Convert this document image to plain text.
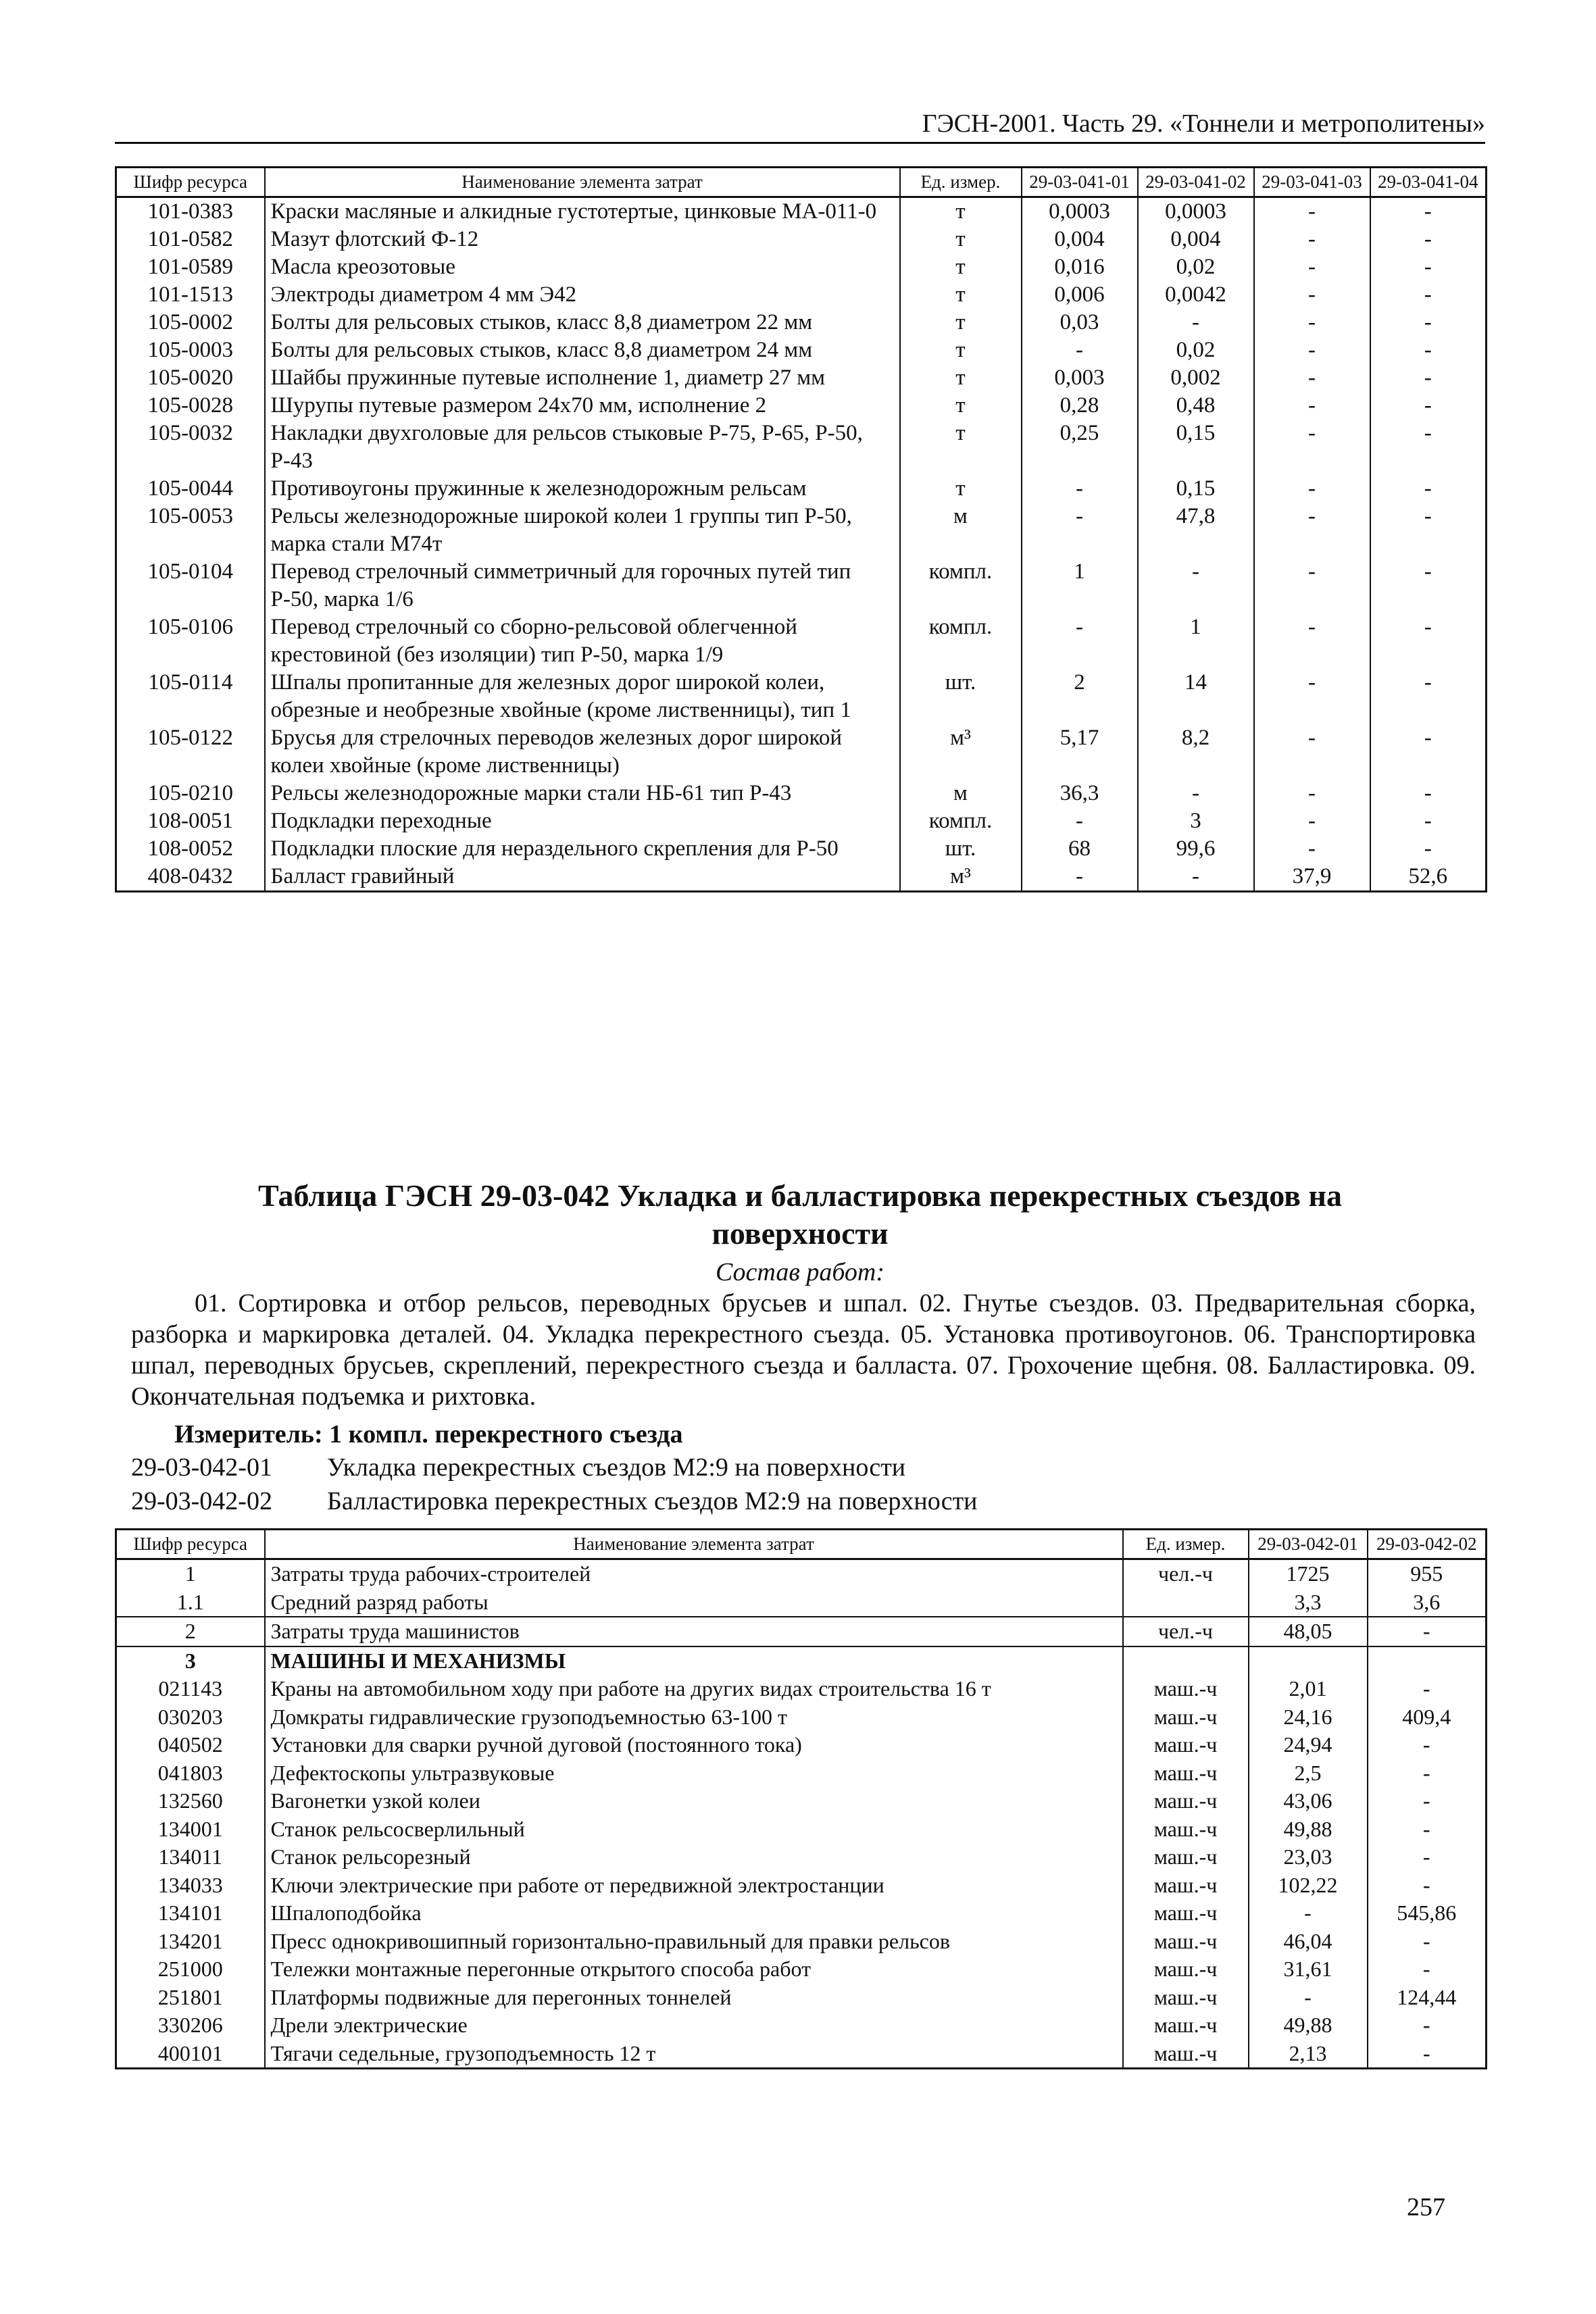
ГЭСН-2001. Часть 29. «Тоннели и метрополитены»
Шифр ресурса	Наименование элемента затрат	Ед. измер.	29-03-041-01	29-03-041-02	29-03-041-03	29-03-041-04
101-0383	Краски масляные и алкидные густотертые, цинковые МА-011-0	т	0,0003	0,0003	-	-
101-0582	Мазут флотский Ф-12	т	0,004	0,004	-	-
101-0589	Масла креозотовые	т	0,016	0,02	-	-
101-1513	Электроды диаметром 4 мм Э42	т	0,006	0,0042	-	-
105-0002	Болты для рельсовых стыков, класс 8,8 диаметром 22 мм	т	0,03	-	-	-
105-0003	Болты для рельсовых стыков, класс 8,8 диаметром 24 мм	т	-	0,02	-	-
105-0020	Шайбы пружинные путевые исполнение 1, диаметр 27 мм	т	0,003	0,002	-	-
105-0028	Шурупы путевые размером 24х70 мм, исполнение 2	т	0,28	0,48	-	-
105-0032	Накладки двухголовые для рельсов стыковые Р-75, Р-65, Р-50, Р-43	т	0,25	0,15	-	-
105-0044	Противоугоны пружинные к железнодорожным рельсам	т	-	0,15	-	-
105-0053	Рельсы железнодорожные широкой колеи 1 группы тип Р-50, марка стали М74т	м	-	47,8	-	-
105-0104	Перевод стрелочный симметричный для горочных путей тип Р-50, марка 1/6	компл.	1	-	-	-
105-0106	Перевод стрелочный со сборно-рельсовой облегченной крестовиной (без изоляции) тип Р-50, марка 1/9	компл.	-	1	-	-
105-0114	Шпалы пропитанные для железных дорог широкой колеи, обрезные и необрезные хвойные (кроме лиственницы), тип 1	шт.	2	14	-	-
105-0122	Брусья для стрелочных переводов железных дорог широкой колеи хвойные (кроме лиственницы)	м³	5,17	8,2	-	-
105-0210	Рельсы железнодорожные марки стали НБ-61 тип Р-43	м	36,3	-	-	-
108-0051	Подкладки переходные	компл.	-	3	-	-
108-0052	Подкладки плоские для нераздельного скрепления для Р-50	шт.	68	99,6	-	-
408-0432	Балласт гравийный	м³	-	-	37,9	52,6
Таблица ГЭСН 29-03-042 Укладка и балластировка перекрестных съездов на
поверхности
Состав работ:
01. Сортировка и отбор рельсов, переводных брусьев и шпал. 02. Гнутье съездов. 03. Предварительная сборка, разборка и маркировка деталей. 04. Укладка перекрестного съезда. 05. Установка противоугонов. 06. Транспортировка шпал, переводных брусьев, скреплений, перекрестного съезда и балласта. 07. Грохочение щебня. 08. Балластировка. 09. Окончательная подъемка и рихтовка.
Измеритель: 1 компл. перекрестного съезда
29-03-042-01 Укладка перекрестных съездов М2:9 на поверхности
29-03-042-02 Балластировка перекрестных съездов М2:9 на поверхности
Шифр ресурса	Наименование элемента затрат	Ед. измер.	29-03-042-01	29-03-042-02
1	Затраты труда рабочих-строителей	чел.-ч	1725	955
1.1	Средний разряд работы		3,3	3,6
2	Затраты труда машинистов	чел.-ч	48,05	-
3	МАШИНЫ И МЕХАНИЗМЫ			
021143	Краны на автомобильном ходу при работе на других видах строительства 16 т	маш.-ч	2,01	-
030203	Домкраты гидравлические грузоподъемностью 63-100 т	маш.-ч	24,16	409,4
040502	Установки для сварки ручной дуговой (постоянного тока)	маш.-ч	24,94	-
041803	Дефектоскопы ультразвуковые	маш.-ч	2,5	-
132560	Вагонетки узкой колеи	маш.-ч	43,06	-
134001	Станок рельсосверлильный	маш.-ч	49,88	-
134011	Станок рельсорезный	маш.-ч	23,03	-
134033	Ключи электрические при работе от передвижной электростанции	маш.-ч	102,22	-
134101	Шпалоподбойка	маш.-ч	-	545,86
134201	Пресс однокривошипный горизонтально-правильный для правки рельсов	маш.-ч	46,04	-
251000	Тележки монтажные перегонные открытого способа работ	маш.-ч	31,61	-
251801	Платформы подвижные для перегонных тоннелей	маш.-ч	-	124,44
330206	Дрели электрические	маш.-ч	49,88	-
400101	Тягачи седельные, грузоподъемность 12 т	маш.-ч	2,13	-
257
